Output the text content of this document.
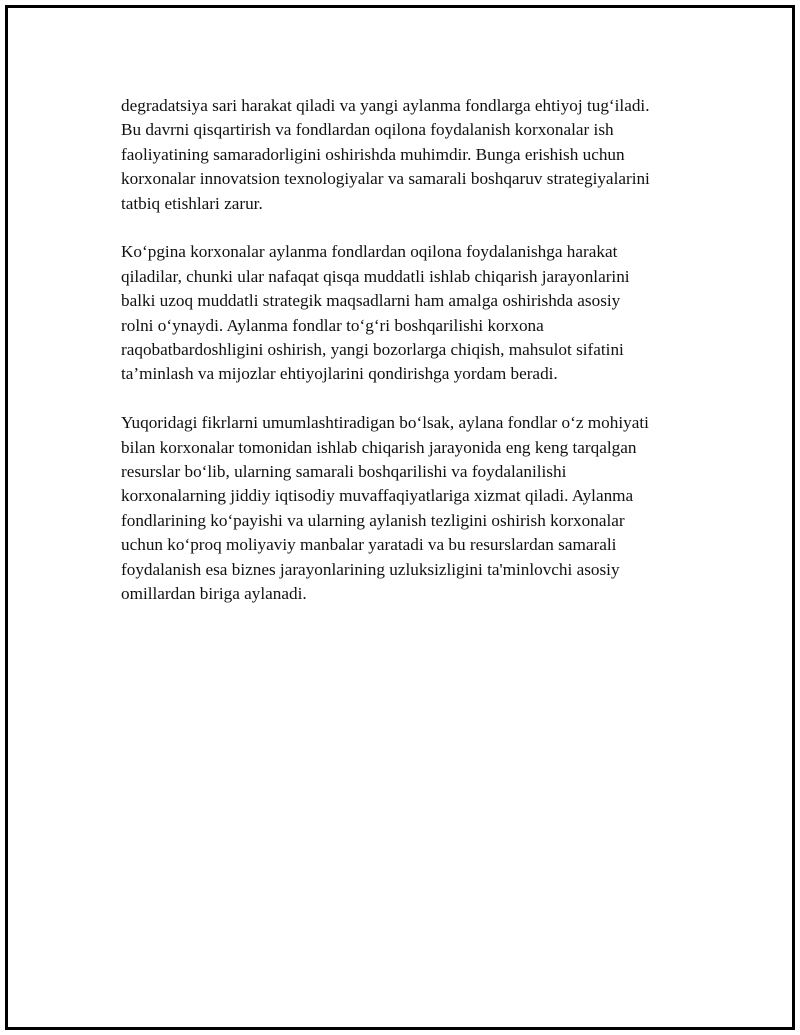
degradatsiya sari harakat qiladi va yangi aylanma fondlarga ehtiyoj tug‘iladi.
Bu davrni qisqartirish va fondlardan oqilona foydalanish korxonalar ish
faoliyatining samaradorligini oshirishda muhimdir. Bunga erishish uchun
korxonalar innovatsion texnologiyalar va samarali boshqaruv strategiyalarini
tatbiq etishlari zarur.

Ko‘pgina korxonalar aylanma fondlardan oqilona foydalanishga harakat
qiladilar, chunki ular nafaqat qisqa muddatli ishlab chiqarish jarayonlarini
balki uzoq muddatli strategik maqsadlarni ham amalga oshirishda asosiy
rolni o‘ynaydi. Aylanma fondlar to‘g‘ri boshqarilishi korxona
raqobatbardoshligini oshirish, yangi bozorlarga chiqish, mahsulot sifatini
ta’minlash va mijozlar ehtiyojlarini qondirishga yordam beradi.

Yuqoridagi fikrlarni umumlashtiradigan bo‘lsak, aylana fondlar o‘z mohiyati
bilan korxonalar tomonidan ishlab chiqarish jarayonida eng keng tarqalgan
resurslar bo‘lib, ularning samarali boshqarilishi va foydalanilishi
korxonalarning jiddiy iqtisodiy muvaffaqiyatlariga xizmat qiladi. Aylanma
fondlarining ko‘payishi va ularning aylanish tezligini oshirish korxonalar
uchun ko‘proq moliyaviy manbalar yaratadi va bu resurslardan samarali
foydalanish esa biznes jarayonlarining uzluksizligini ta'minlovchi asosiy
omillardan biriga aylanadi.
